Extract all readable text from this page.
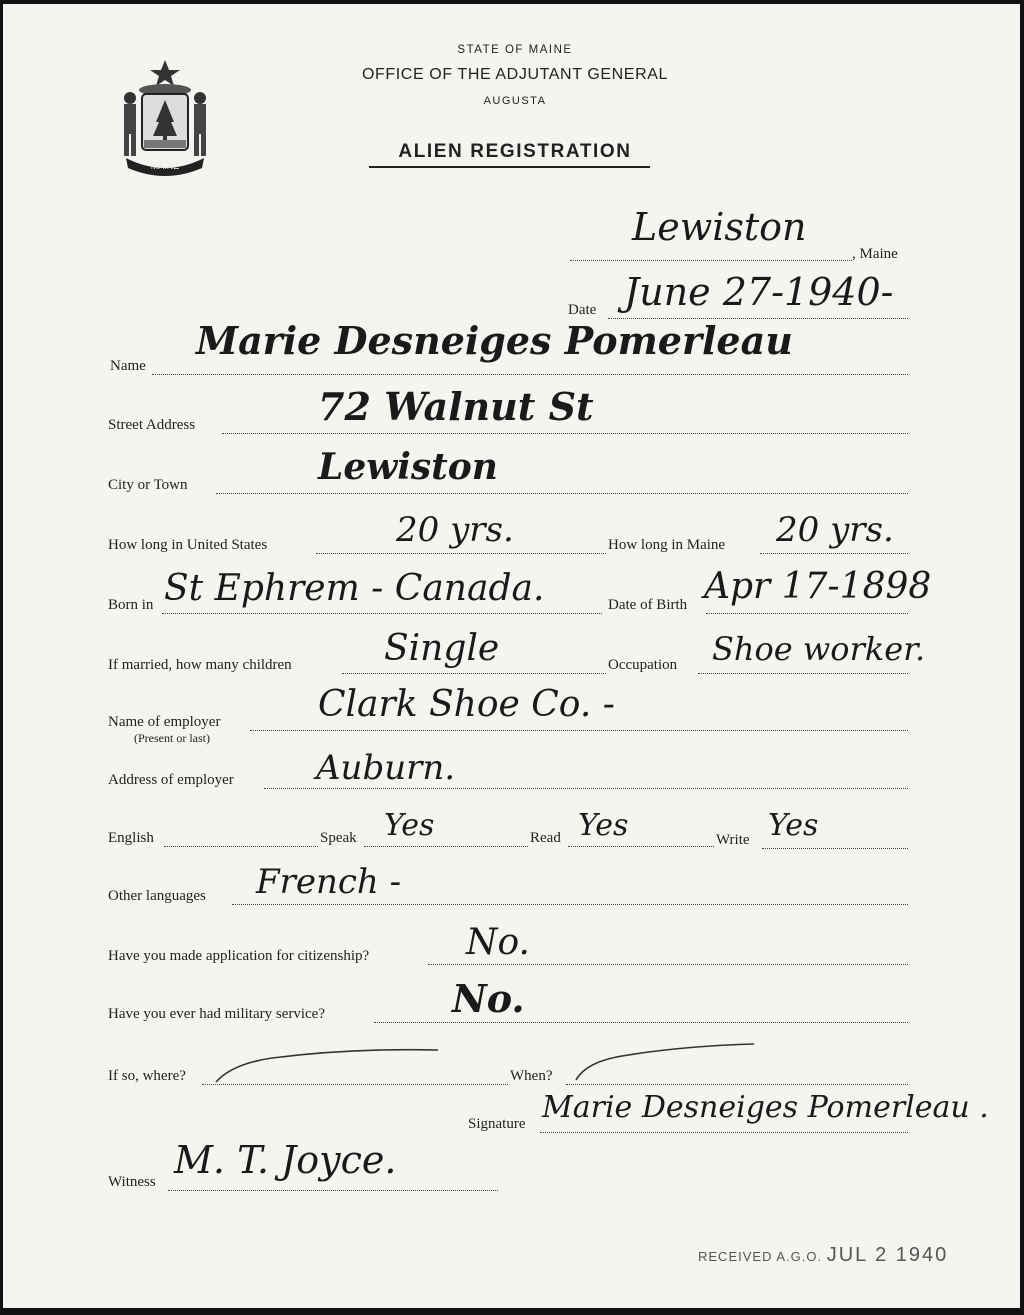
MAINE
STATE OF MAINE
OFFICE OF THE ADJUTANT GENERAL
AUGUSTA
ALIEN REGISTRATION
Lewiston
, Maine
Date June 27-1940-
Name
Marie Desneiges Pomerleau
Street Address	72 Walnut St
City or Town	Lewiston
How long in United States	20 yrs.	How long in Maine 20 yrs.
Born in St Ephrem - Canada.	Date of Birth Apr 17-1898
If married, how many children	Single	Occupation Shoe worker.
Name of employer
(Present or last)
Clark Shoe Co. -
Address of employer Auburn.
English	Speak Yes	Read Yes	Write Yes
Other languages French -
Have you made application for citizenship?	No.
Have you ever had military service?	No.
If so, where?	When?
Signature Marie Desneiges Pomerleau .
Witness M. T. Joyce.
RECEIVED A.G.O. JUL 2 1940
